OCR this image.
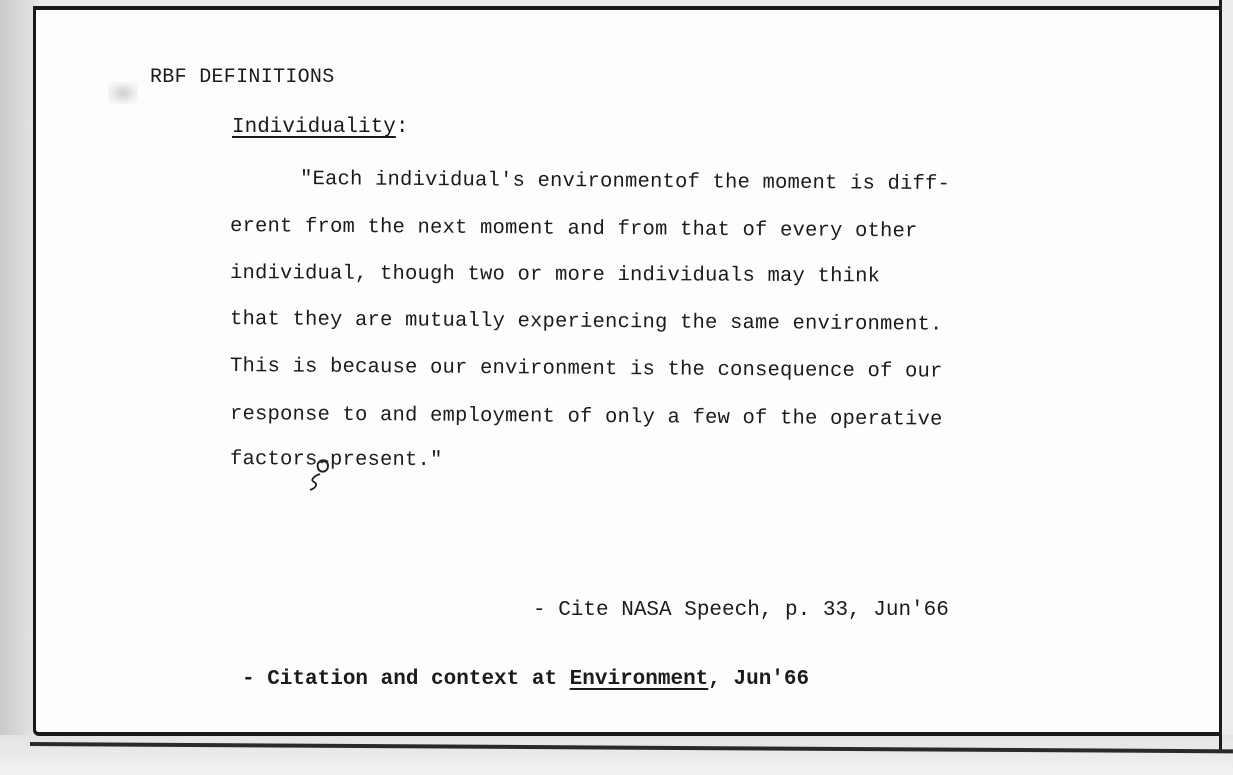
RBF DEFINITIONS
Individuality:
"Each individual's environmentof the moment is diff-
erent from the next moment and from that of every other
individual, though two or more individuals may think
that they are mutually experiencing the same environment.
This is because our environment is the consequence of our
response to and employment of only a few of the operative
factors present."
- Cite NASA Speech, p. 33, Jun'66
- Citation and context at Environment, Jun'66
